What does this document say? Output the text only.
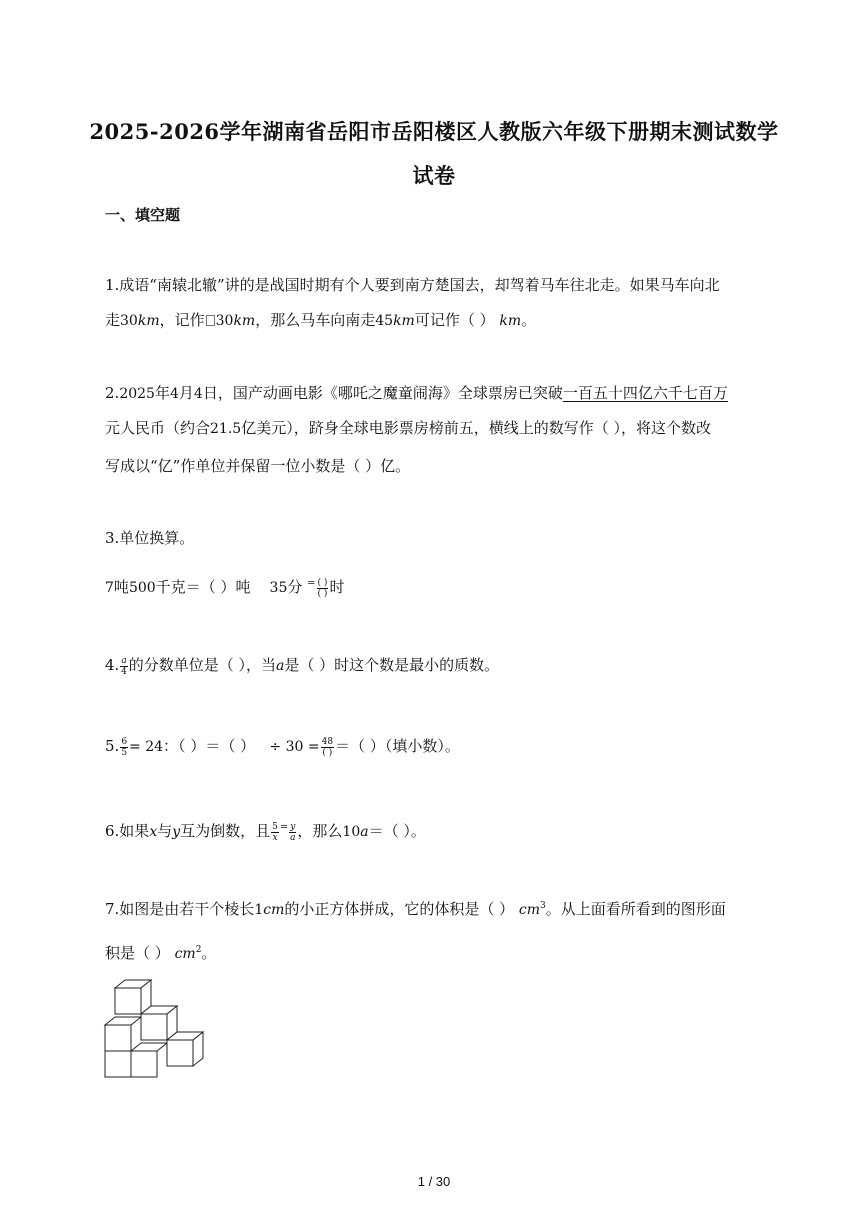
2025-2026学年湖南省岳阳市岳阳楼区人教版六年级下册期末测试数学
试卷
一、填空题
1.成语“南辕北辙”讲的是战国时期有个人要到南方楚国去，却驾着马车往北走。如果马车向北
走30km，记作 30km，那么马车向南走45km可记作（ ） km。
2.2025年4月4日，国产动画电影《哪吒之魔童闹海》全球票房已突破一百五十四亿六千七百万
元人民币（约合21.5亿美元），跻身全球电影票房榜前五，横线上的数写作（ ），将这个数改
写成以“亿”作单位并保留一位小数是（ ）亿。
3.单位换算。
7吨500千克＝（ ）吨 35分 $^= \frac{( )}{( )}$ 时
4. $\frac{a}{4}$ 的分数单位是（ ），当a是（ ）时这个数是最小的质数。
5. $\frac{6}{5} = 24$：（ ）＝（ ） ÷ $30 = \frac{48}{( )}$ ＝（ ）（填小数）。
6.如果x与y互为倒数，且 $\frac{5}{x} ^= \frac{y}{a}$ ，那么10a＝（ ）。
7.如图是由若干个棱长1cm的小正方体拼成，它的体积是（ ） $cm^3$。从上面看所看到的图形面
积是（ ） $cm^2$。
1 / 30
